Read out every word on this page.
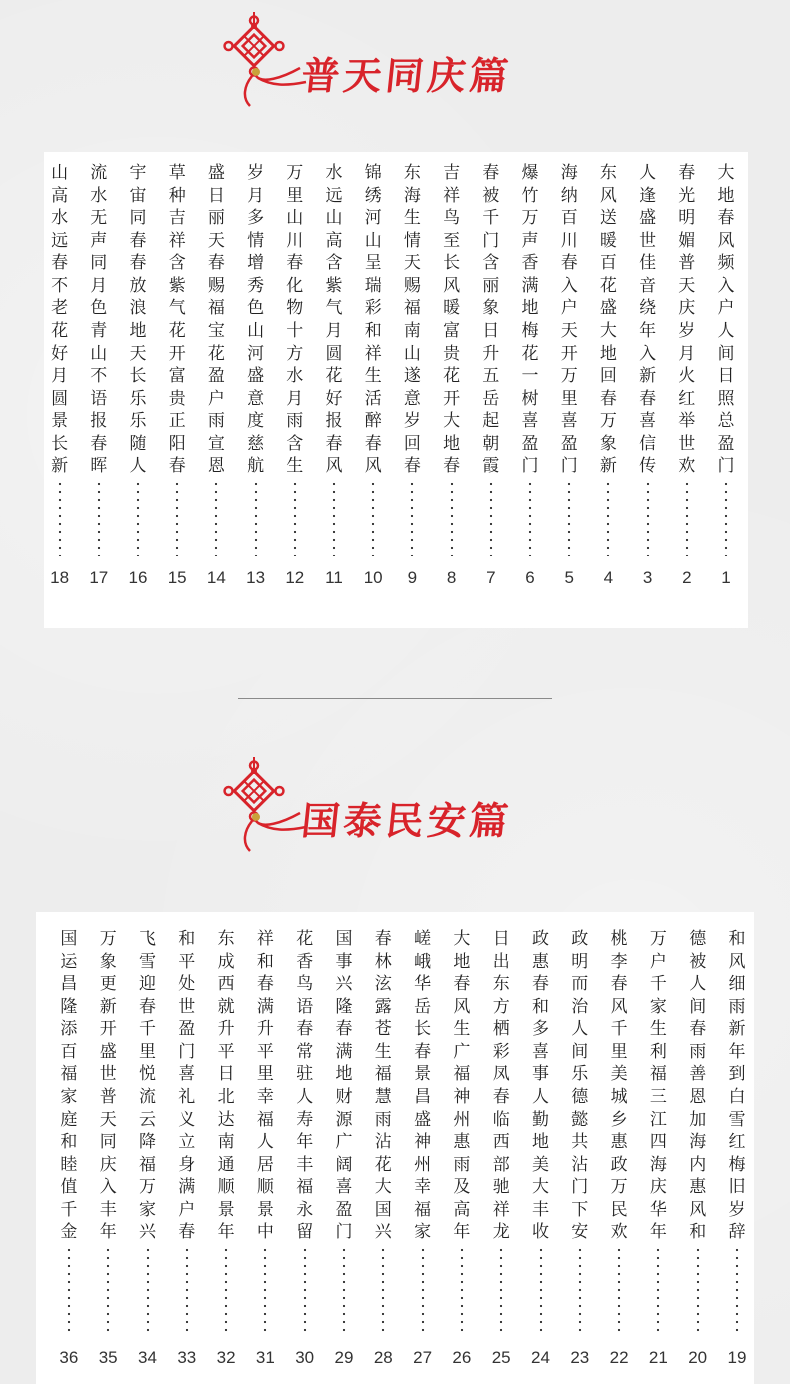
普天同庆篇
大地春风频入户
人间日照总盈门
1
春光明媚普天庆
岁月火红举世欢
2
人逢盛世佳音绕
年入新春喜信传
3
东风送暖百花盛
大地回春万象新
4
海纳百川春入户
天开万里喜盈门
5
爆竹万声香满地
梅花一树喜盈门
6
春被千门含丽象
日升五岳起朝霞
7
吉祥鸟至长风暖
富贵花开大地春
8
东海生情天赐福
南山遂意岁回春
9
锦绣河山呈瑞彩
和祥生活醉春风
10
水远山高含紫气
月圆花好报春风
11
万里山川春化物
十方水月雨含生
12
岁月多情增秀色
山河盛意度慈航
13
盛日丽天春赐福
宝花盈户雨宣恩
14
草种吉祥含紫气
花开富贵正阳春
15
宇宙同春春放浪
地天长乐乐随人
16
流水无声同月色
青山不语报春晖
17
山高水远春不老
花好月圆景长新
18
国泰民安篇
和风细雨新年到
白雪红梅旧岁辞
19
德被人间春雨善
恩加海内惠风和
20
万户千家生利福
三江四海庆华年
21
桃李春风千里美
城乡惠政万民欢
22
政明而治人间乐
德懿共沾门下安
23
政惠春和多喜事
人勤地美大丰收
24
日出东方栖彩凤
春临西部驰祥龙
25
大地春风生广福
神州惠雨及高年
26
嵯峨华岳长春景
昌盛神州幸福家
27
春林泫露苍生福
慧雨沾花大国兴
28
国事兴隆春满地
财源广阔喜盈门
29
花香鸟语春常驻
人寿年丰福永留
30
祥和春满升平里
幸福人居顺景中
31
东成西就升平日
北达南通顺景年
32
和平处世盈门喜
礼义立身满户春
33
飞雪迎春千里悦
流云降福万家兴
34
万象更新开盛世
普天同庆入丰年
35
国运昌隆添百福
家庭和睦值千金
36
